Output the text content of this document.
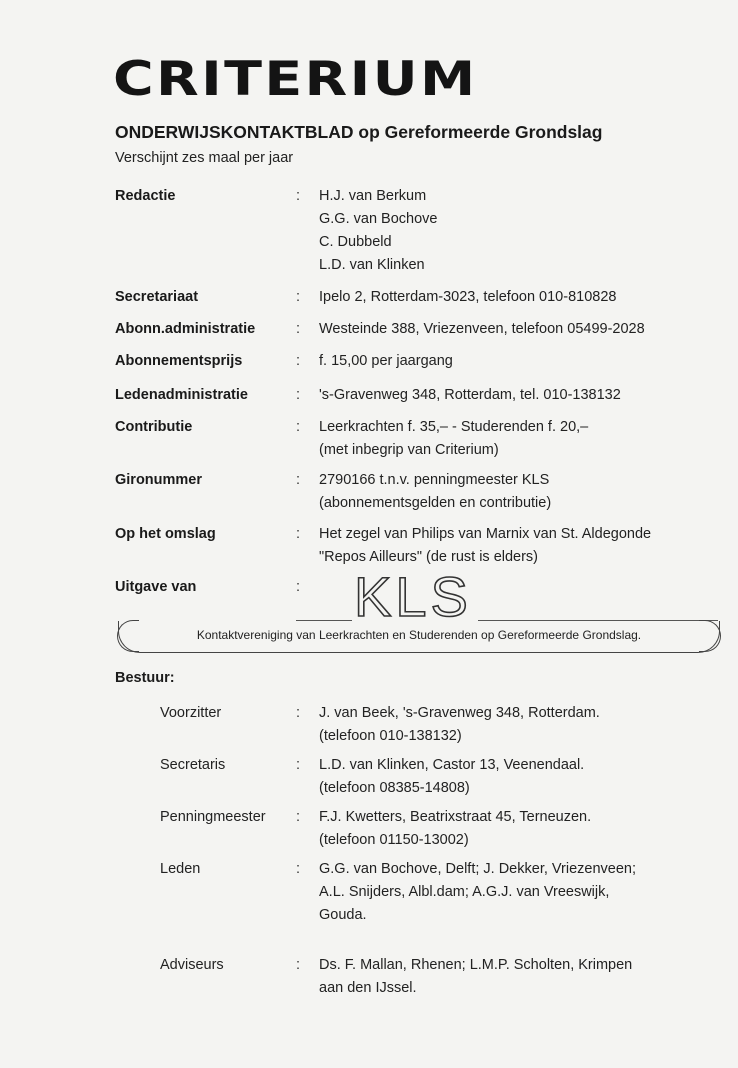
CRITERIUM
ONDERWIJSKONTAKTBLAD op Gereformeerde Grondslag
Verschijnt zes maal per jaar
Redactie	: H.J. van Berkum
G.G. van Bochove
C. Dubbeld
L.D. van Klinken
Secretariaat	: Ipelo 2, Rotterdam-3023, telefoon 010-810828
Abonn.administratie	: Westeinde 388, Vriezenveen, telefoon 05499-2028
Abonnementsprijs	: f. 15,00 per jaargang
Ledenadministratie	: 's-Gravenweg 348, Rotterdam, tel. 010-138132
Contributie	: Leerkrachten f. 35,– - Studerenden f. 20,–
(met inbegrip van Criterium)
Gironummer	: 2790166 t.n.v. penningmeester KLS
(abonnementsgelden en contributie)
Op het omslag	: Het zegel van Philips van Marnix van St. Aldegonde
"Repos Ailleurs" (de rust is elders)
Uitgave van	: KLS
Kontaktvereniging van Leerkrachten en Studerenden op Gereformeerde Grondslag.
Bestuur:
Voorzitter	: J. van Beek, 's-Gravenweg 348, Rotterdam.
(telefoon 010-138132)
Secretaris	: L.D. van Klinken, Castor 13, Veenendaal.
(telefoon 08385-14808)
Penningmeester : F.J. Kwetters, Beatrixstraat 45, Terneuzen.
(telefoon 01150-13002)
Leden	: G.G. van Bochove, Delft; J. Dekker, Vriezenveen;
A.L. Snijders, Albl.dam; A.G.J. van Vreeswijk,
Gouda.
Adviseurs	: Ds. F. Mallan, Rhenen; L.M.P. Scholten, Krimpen
aan den IJssel.
